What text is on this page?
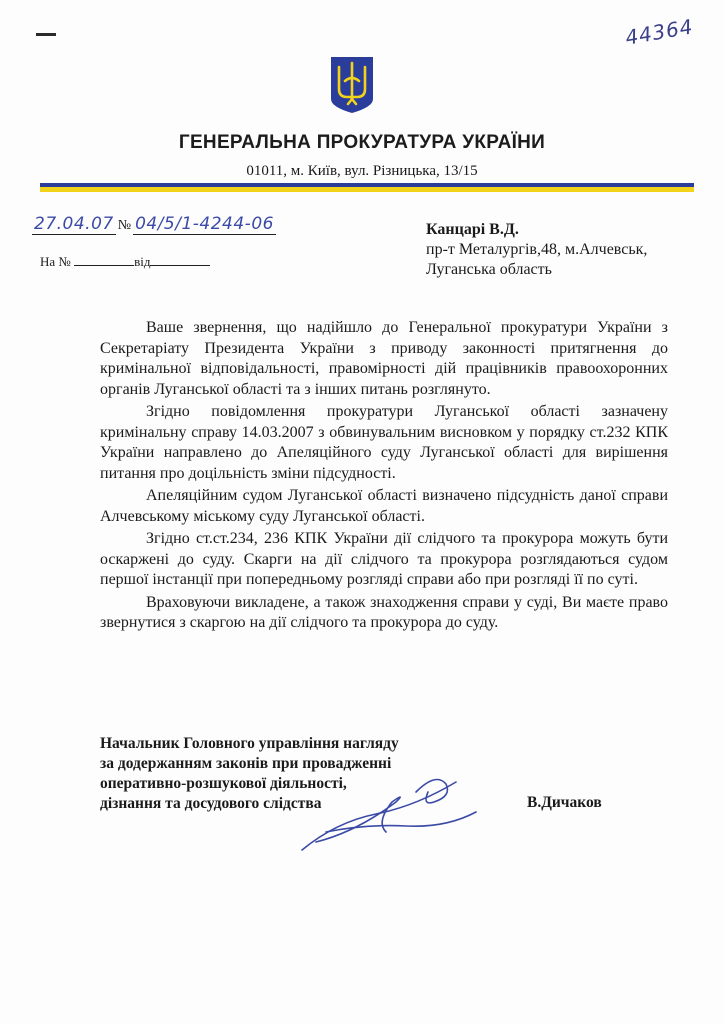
44364
ГЕНЕРАЛЬНА ПРОКУРАТУРА УКРАЇНИ
01011, м. Київ, вул. Різницька, 13/15
27.04.07 № 04/5/1-4244-06
На №	від
Канцарі В.Д.
пр-т Металургів,48, м.Алчевськ,
Луганська область

Ваше звернення, що надійшло до Генеральної прокуратури України з Секретаріату Президента України з приводу законності притягнення до кримінальної відповідальності, правомірності дій працівників правоохоронних органів Луганської області та з інших питань розглянуто.

Згідно повідомлення прокуратури Луганської області зазначену кримінальну справу 14.03.2007 з обвинувальним висновком у порядку ст.232 КПК України направлено до Апеляційного суду Луганської області для вирішення питання про доцільність зміни підсудності.

Апеляційним судом Луганської області визначено підсудність даної справи Алчевському міському суду Луганської області.

Згідно ст.ст.234, 236 КПК України дії слідчого та прокурора можуть бути оскаржені до суду. Скарги на дії слідчого та прокурора розглядаються судом першої інстанції при попередньому розгляді справи або при розгляді її по суті.

Враховуючи викладене, а також знаходження справи у суді, Ви маєте право звернутися з скаргою на дії слідчого та прокурора до суду.

Начальник Головного управління нагляду
за додержанням законів при провадженні
оперативно-розшукової діяльності,
дізнання та досудового слідства	В.Дичаков
